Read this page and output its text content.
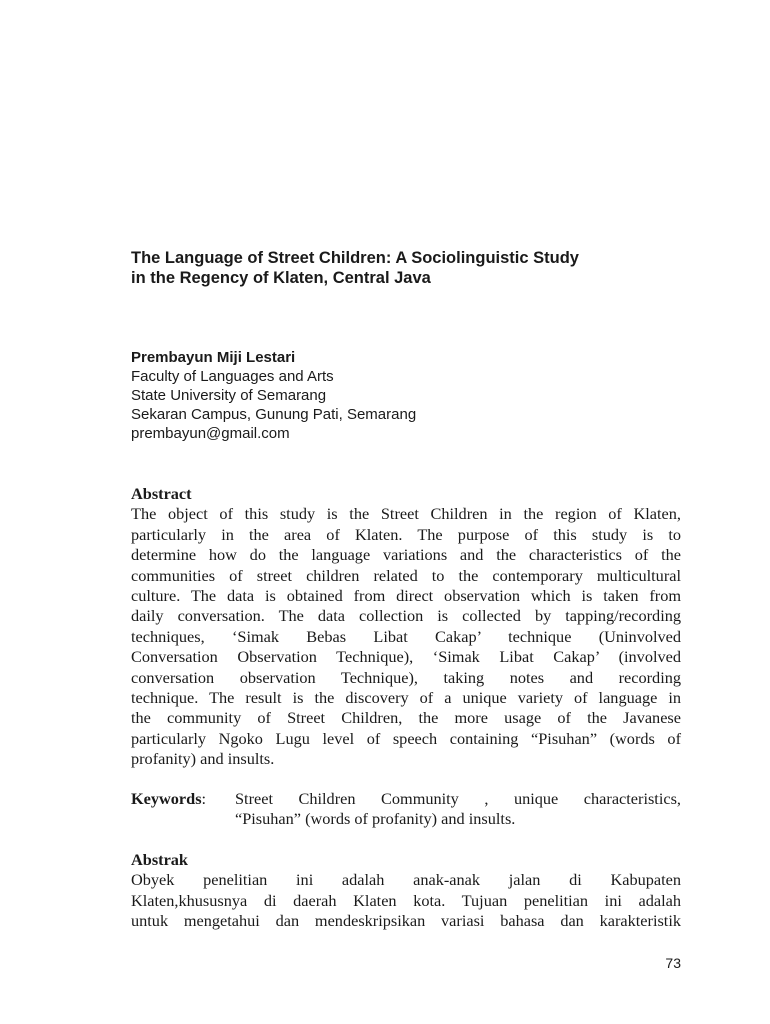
The Language of Street Children: A Sociolinguistic Study
in the Regency of Klaten, Central Java
Prembayun Miji Lestari
Faculty of Languages and Arts
State University of Semarang
Sekaran Campus, Gunung Pati, Semarang
prembayun@gmail.com
Abstract
The object of this study is the Street Children in the region of Klaten,
particularly in the area of Klaten. The purpose of this study is to
determine how do the language variations and the characteristics of the
communities of street children related to the contemporary multicultural
culture. The data is obtained from direct observation which is taken from
daily conversation. The data collection is collected by tapping/recording
techniques, ‘Simak Bebas Libat Cakap’ technique (Uninvolved
Conversation Observation Technique), ‘Simak Libat Cakap’ (involved
conversation observation Technique), taking notes and recording
technique. The result is the discovery of a unique variety of language in
the community of Street Children, the more usage of the Javanese
particularly Ngoko Lugu level of speech containing “Pisuhan” (words of
profanity) and insults.
Keywords:	Street Children Community , unique characteristics,
“Pisuhan” (words of profanity) and insults.
Abstrak
Obyek penelitian ini adalah anak-anak jalan di Kabupaten
Klaten,khususnya di daerah Klaten kota. Tujuan penelitian ini adalah
untuk mengetahui dan mendeskripsikan variasi bahasa dan karakteristik
73
